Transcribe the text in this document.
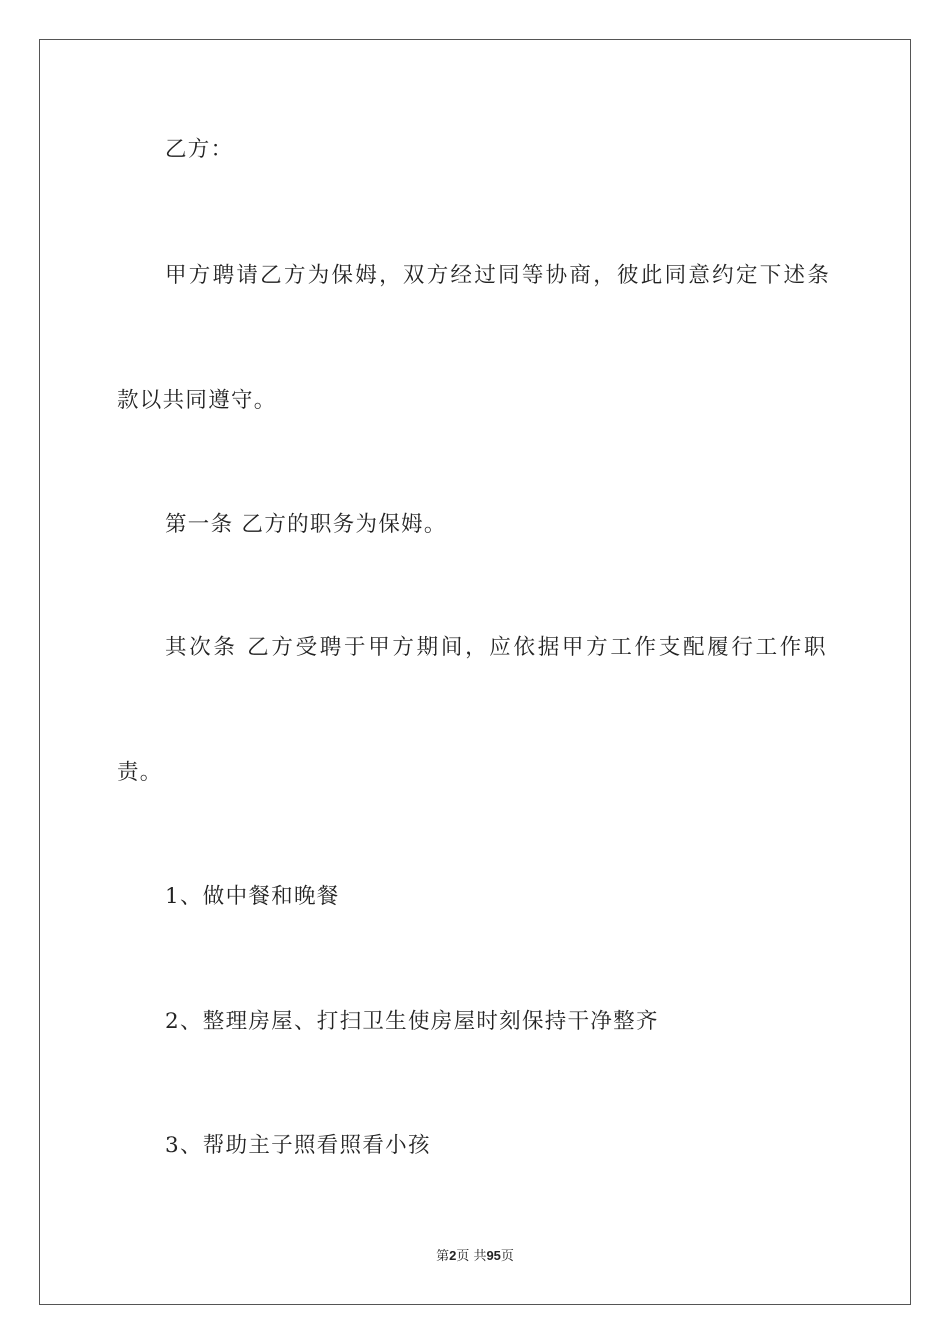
乙方：
甲方聘请乙方为保姆，双方经过同等协商，彼此同意约定下述条
款以共同遵守。
第一条 乙方的职务为保姆。
其次条 乙方受聘于甲方期间，应依据甲方工作支配履行工作职
责。
1、做中餐和晚餐
2、整理房屋、打扫卫生使房屋时刻保持干净整齐
3、帮助主子照看照看小孩
第2页 共95页
